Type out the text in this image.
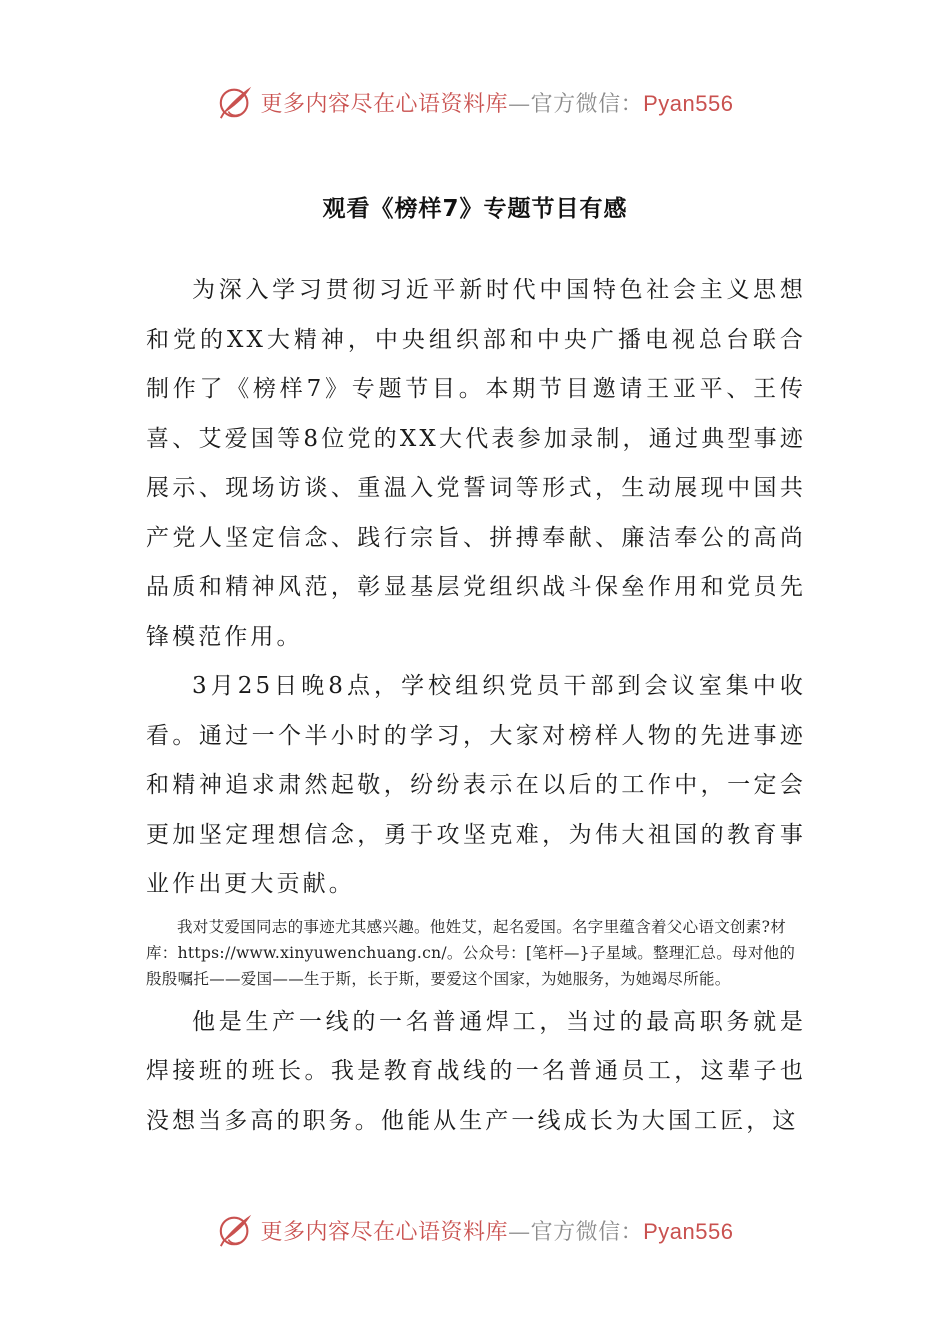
更多内容尽在心语资料库—官方微信：Pyan556
观看《榜样7》专题节目有感

为深入学习贯彻习近平新时代中国特色社会主义思想和党的XX大精神，中央组织部和中央广播电视总台联合制作了《榜样7》专题节目。本期节目邀请王亚平、王传喜、艾爱国等8位党的XX大代表参加录制，通过典型事迹展示、现场访谈、重温入党誓词等形式，生动展现中国共产党人坚定信念、践行宗旨、拼搏奉献、廉洁奉公的高尚品质和精神风范，彰显基层党组织战斗保垒作用和党员先锋模范作用。

3月25日晚8点，学校组织党员干部到会议室集中收看。通过一个半小时的学习，大家对榜样人物的先进事迹和精神追求肃然起敬，纷纷表示在以后的工作中，一定会更加坚定理想信念，勇于攻坚克难，为伟大祖国的教育事业作出更大贡献。

我对艾爱国同志的事迹尤其感兴趣。他姓艾，起名爱国。名字里蕴含着父心语文创素?材库：https://www.xinyuwenchuang.cn/。公众号：[笔杆—}子星域。整理汇总。母对他的殷殷嘱托——爱国——生于斯，长于斯，要爱这个国家，为她服务，为她竭尽所能。

他是生产一线的一名普通焊工，当过的最高职务就是焊接班的班长。我是教育战线的一名普通员工，这辈子也没想当多高的职务。他能从生产一线成长为大国工匠，这

更多内容尽在心语资料库—官方微信：Pyan556
